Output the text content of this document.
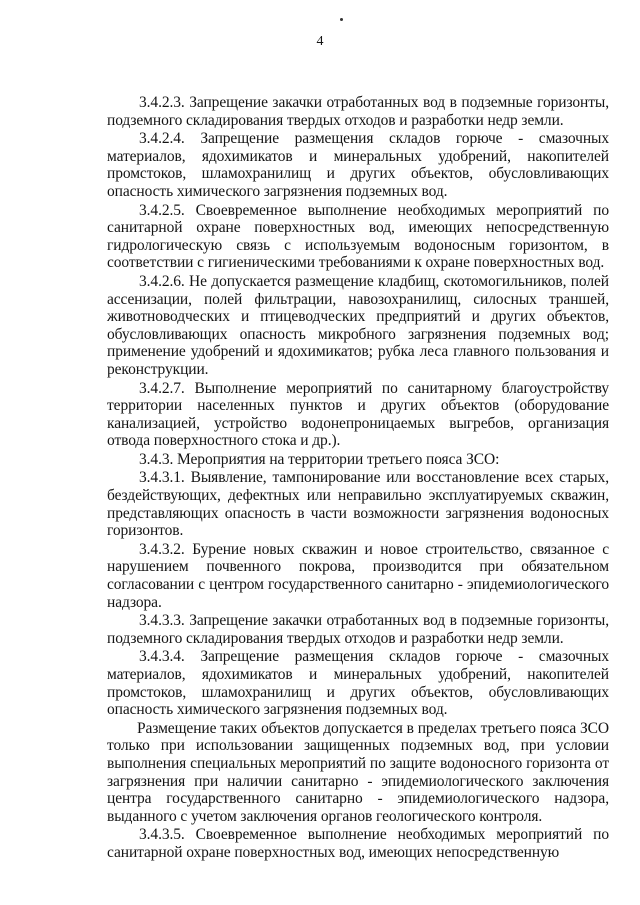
4

3.4.2.3. Запрещение закачки отработанных вод в подземные горизонты, подземного складирования твердых отходов и разработки недр земли.

3.4.2.4. Запрещение размещения складов горюче - смазочных материалов, ядохимикатов и минеральных удобрений, накопителей промстоков, шламохранилищ и других объектов, обусловливающих опасность химического загрязнения подземных вод.

3.4.2.5. Своевременное выполнение необходимых мероприятий по санитарной охране поверхностных вод, имеющих непосредственную гидрологическую связь с используемым водоносным горизонтом, в соответствии с гигиеническими требованиями к охране поверхностных вод.

3.4.2.6. Не допускается размещение кладбищ, скотомогильников, полей ассенизации, полей фильтрации, навозохранилищ, силосных траншей, животноводческих и птицеводческих предприятий и других объектов, обусловливающих опасность микробного загрязнения подземных вод; применение удобрений и ядохимикатов; рубка леса главного пользования и реконструкции.

3.4.2.7. Выполнение мероприятий по санитарному благоустройству территории населенных пунктов и других объектов (оборудование канализацией, устройство водонепроницаемых выгребов, организация отвода поверхностного стока и др.).

3.4.3. Мероприятия на территории третьего пояса ЗСО:

3.4.3.1. Выявление, тампонирование или восстановление всех старых, бездействующих, дефектных или неправильно эксплуатируемых скважин, представляющих опасность в части возможности загрязнения водоносных горизонтов.

3.4.3.2. Бурение новых скважин и новое строительство, связанное с нарушением почвенного покрова, производится при обязательном согласовании с центром государственного санитарно - эпидемиологического надзора.

3.4.3.3. Запрещение закачки отработанных вод в подземные горизонты, подземного складирования твердых отходов и разработки недр земли.

3.4.3.4. Запрещение размещения складов горюче - смазочных материалов, ядохимикатов и минеральных удобрений, накопителей промстоков, шламохранилищ и других объектов, обусловливающих опасность химического загрязнения подземных вод.

Размещение таких объектов допускается в пределах третьего пояса ЗСО только при использовании защищенных подземных вод, при условии выполнения специальных мероприятий по защите водоносного горизонта от загрязнения при наличии санитарно - эпидемиологического заключения центра государственного санитарно - эпидемиологического надзора, выданного с учетом заключения органов геологического контроля.

3.4.3.5. Своевременное выполнение необходимых мероприятий по санитарной охране поверхностных вод, имеющих непосредственную
